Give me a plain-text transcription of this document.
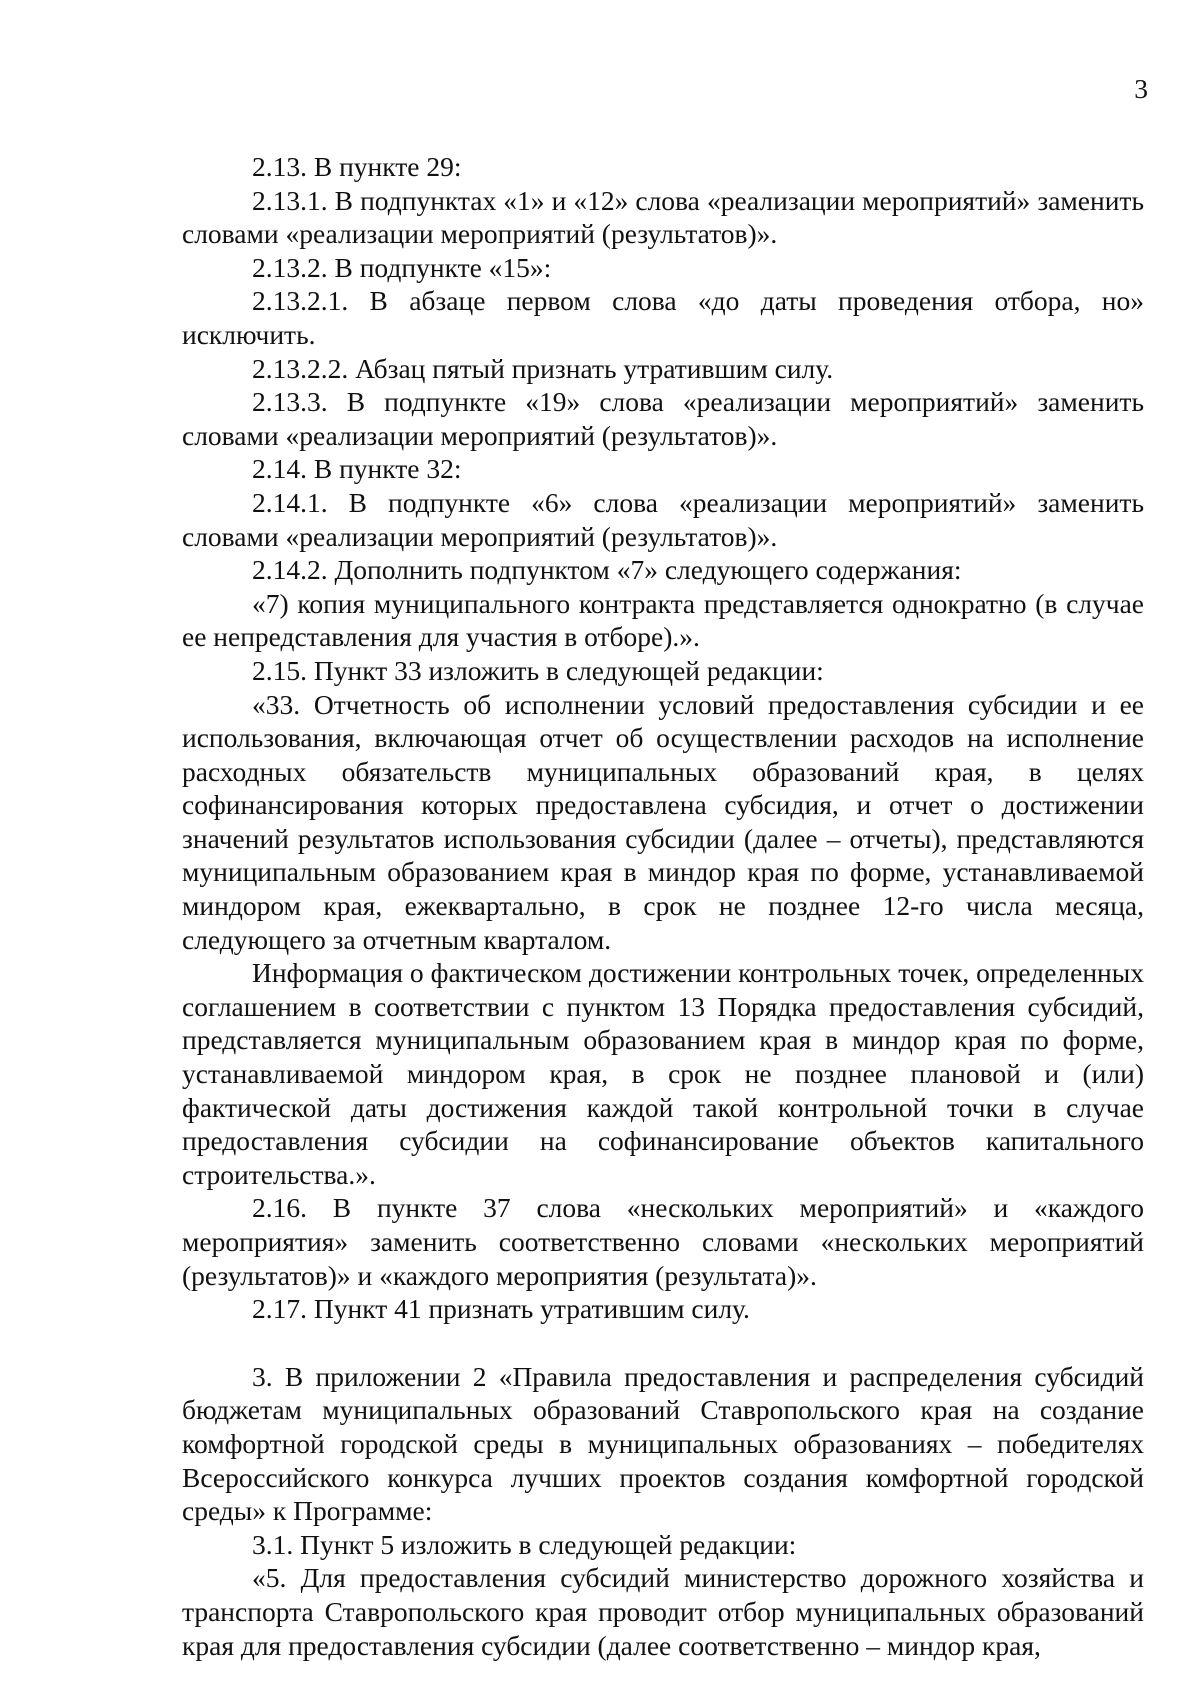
3

2.13. В пункте 29:

2.13.1. В подпунктах «1» и «12» слова «реализации мероприятий» заменить словами «реализации мероприятий (результатов)».

2.13.2. В подпункте «15»:

2.13.2.1. В абзаце первом слова «до даты проведения отбора, но» исключить.

2.13.2.2. Абзац пятый признать утратившим силу.

2.13.3. В подпункте «19» слова «реализации мероприятий» заменить словами «реализации мероприятий (результатов)».

2.14. В пункте 32:

2.14.1. В подпункте «6» слова «реализации мероприятий» заменить словами «реализации мероприятий (результатов)».

2.14.2. Дополнить подпунктом «7» следующего содержания:

«7) копия муниципального контракта представляется однократно (в случае ее непредставления для участия в отборе).».

2.15. Пункт 33 изложить в следующей редакции:

«33. Отчетность об исполнении условий предоставления субсидии и ее использования, включающая отчет об осуществлении расходов на исполнение расходных обязательств муниципальных образований края, в целях софинансирования которых предоставлена субсидия, и отчет о достижении значений результатов использования субсидии (далее – отчеты), представляются муниципальным образованием края в миндор края по форме, устанавливаемой миндором края, ежеквартально, в срок не позднее 12-го числа месяца, следующего за отчетным кварталом.

Информация о фактическом достижении контрольных точек, определенных соглашением в соответствии с пунктом 13 Порядка предоставления субсидий, представляется муниципальным образованием края в миндор края по форме, устанавливаемой миндором края, в срок не позднее плановой и (или) фактической даты достижения каждой такой контрольной точки в случае предоставления субсидии на софинансирование объектов капитального строительства.».

2.16. В пункте 37 слова «нескольких мероприятий» и «каждого мероприятия» заменить соответственно словами «нескольких мероприятий (результатов)» и «каждого мероприятия (результата)».

2.17. Пункт 41 признать утратившим силу.

3. В приложении 2 «Правила предоставления и распределения субсидий бюджетам муниципальных образований Ставропольского края на создание комфортной городской среды в муниципальных образованиях – победителях Всероссийского конкурса лучших проектов создания комфортной городской среды» к Программе:

3.1. Пункт 5 изложить в следующей редакции:

«5. Для предоставления субсидий министерство дорожного хозяйства и транспорта Ставропольского края проводит отбор муниципальных образований края для предоставления субсидии (далее соответственно – миндор края,
